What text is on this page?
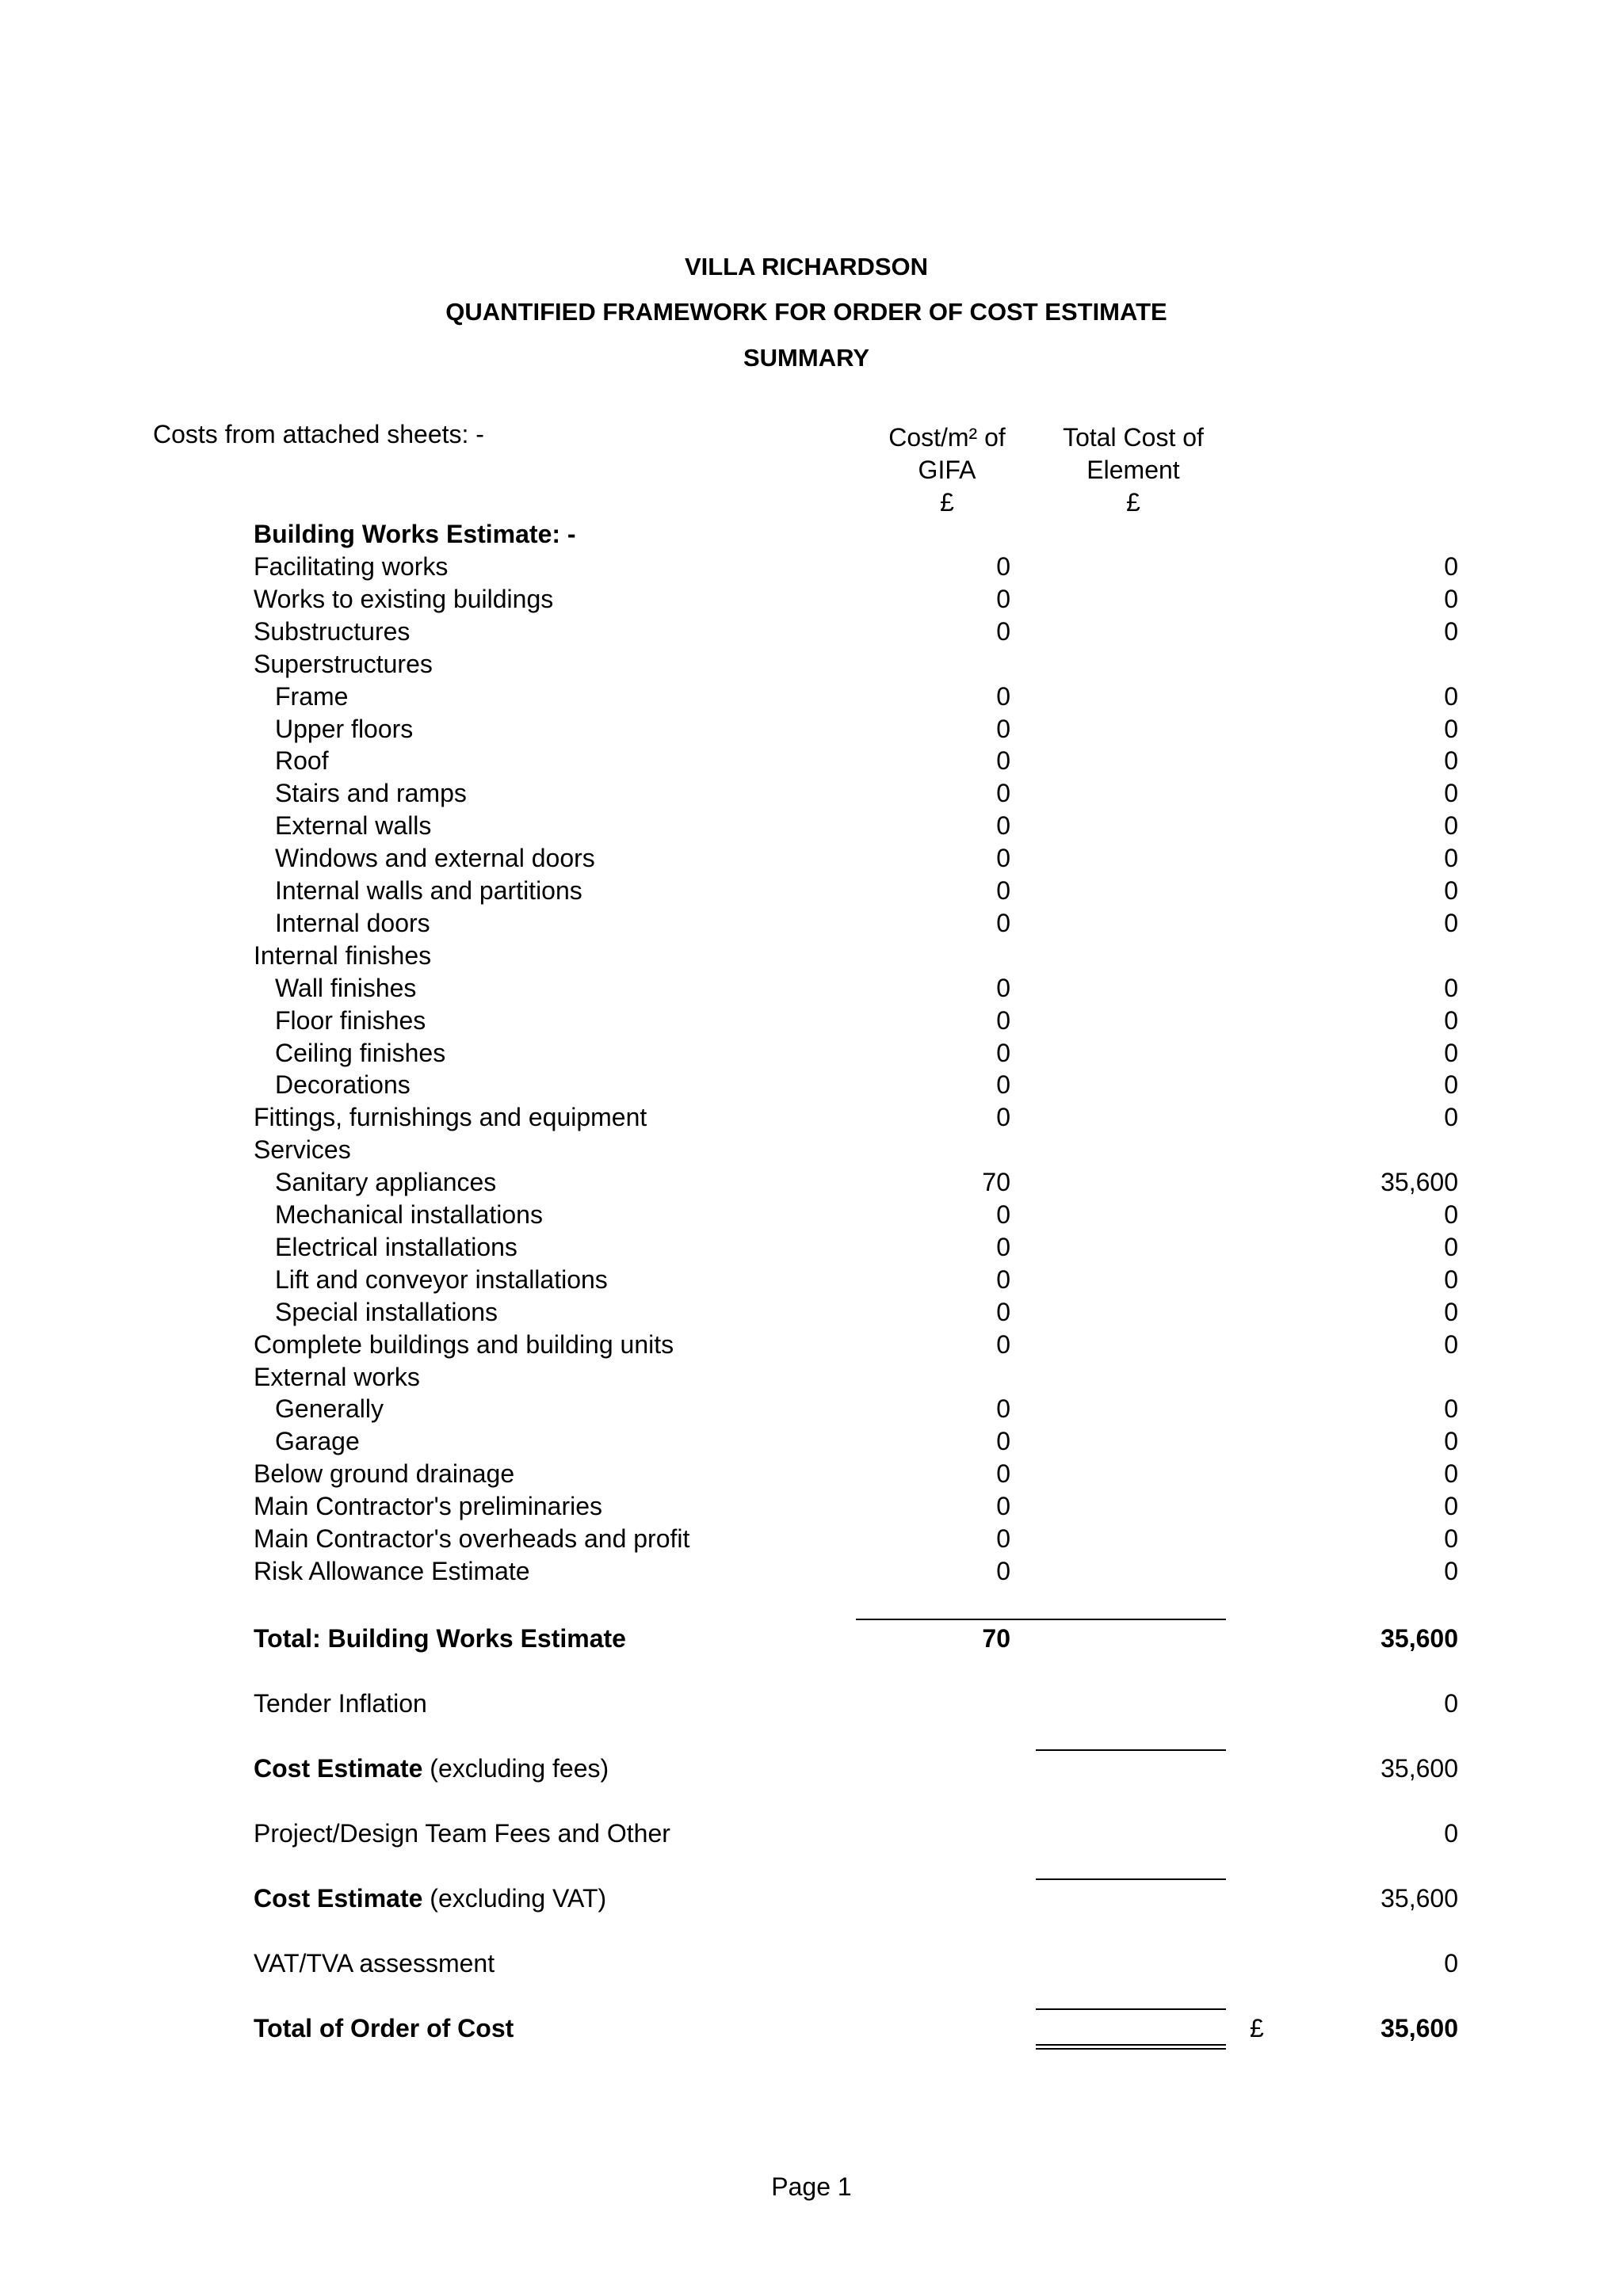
VILLA RICHARDSON
QUANTIFIED FRAMEWORK FOR ORDER OF COST ESTIMATE
SUMMARY
Costs from attached sheets: -	Cost/m² of
GIFA
£
Total Cost of
Element
£
Building Works Estimate: -
Facilitating works	0	0
Works to existing buildings	0	0
Substructures	0	0
Superstructures
Frame	0	0
Upper floors	0	0
Roof	0	0
Stairs and ramps	0	0
External walls	0	0
Windows and external doors	0	0
Internal walls and partitions	0	0
Internal doors	0	0
Internal finishes
Wall finishes	0	0
Floor finishes	0	0
Ceiling finishes	0	0
Decorations	0	0
Fittings, furnishings and equipment	0	0
Services
Sanitary appliances	70	35,600
Mechanical installations	0	0
Electrical installations	0	0
Lift and conveyor installations	0	0
Special installations	0	0
Complete buildings and building units	0	0
External works
Generally	0	0
Garage	0	0
Below ground drainage	0	0
Main Contractor's preliminaries	0	0
Main Contractor's overheads and profit	0	0
Risk Allowance Estimate	0	0
Total: Building Works Estimate	70	35,600
Tender Inflation	0
Cost Estimate (excluding fees)	35,600
Project/Design Team Fees and Other	0
Cost Estimate (excluding VAT)	35,600
VAT/TVA assessment	0
Total of Order of Cost	£	35,600
Page 1
